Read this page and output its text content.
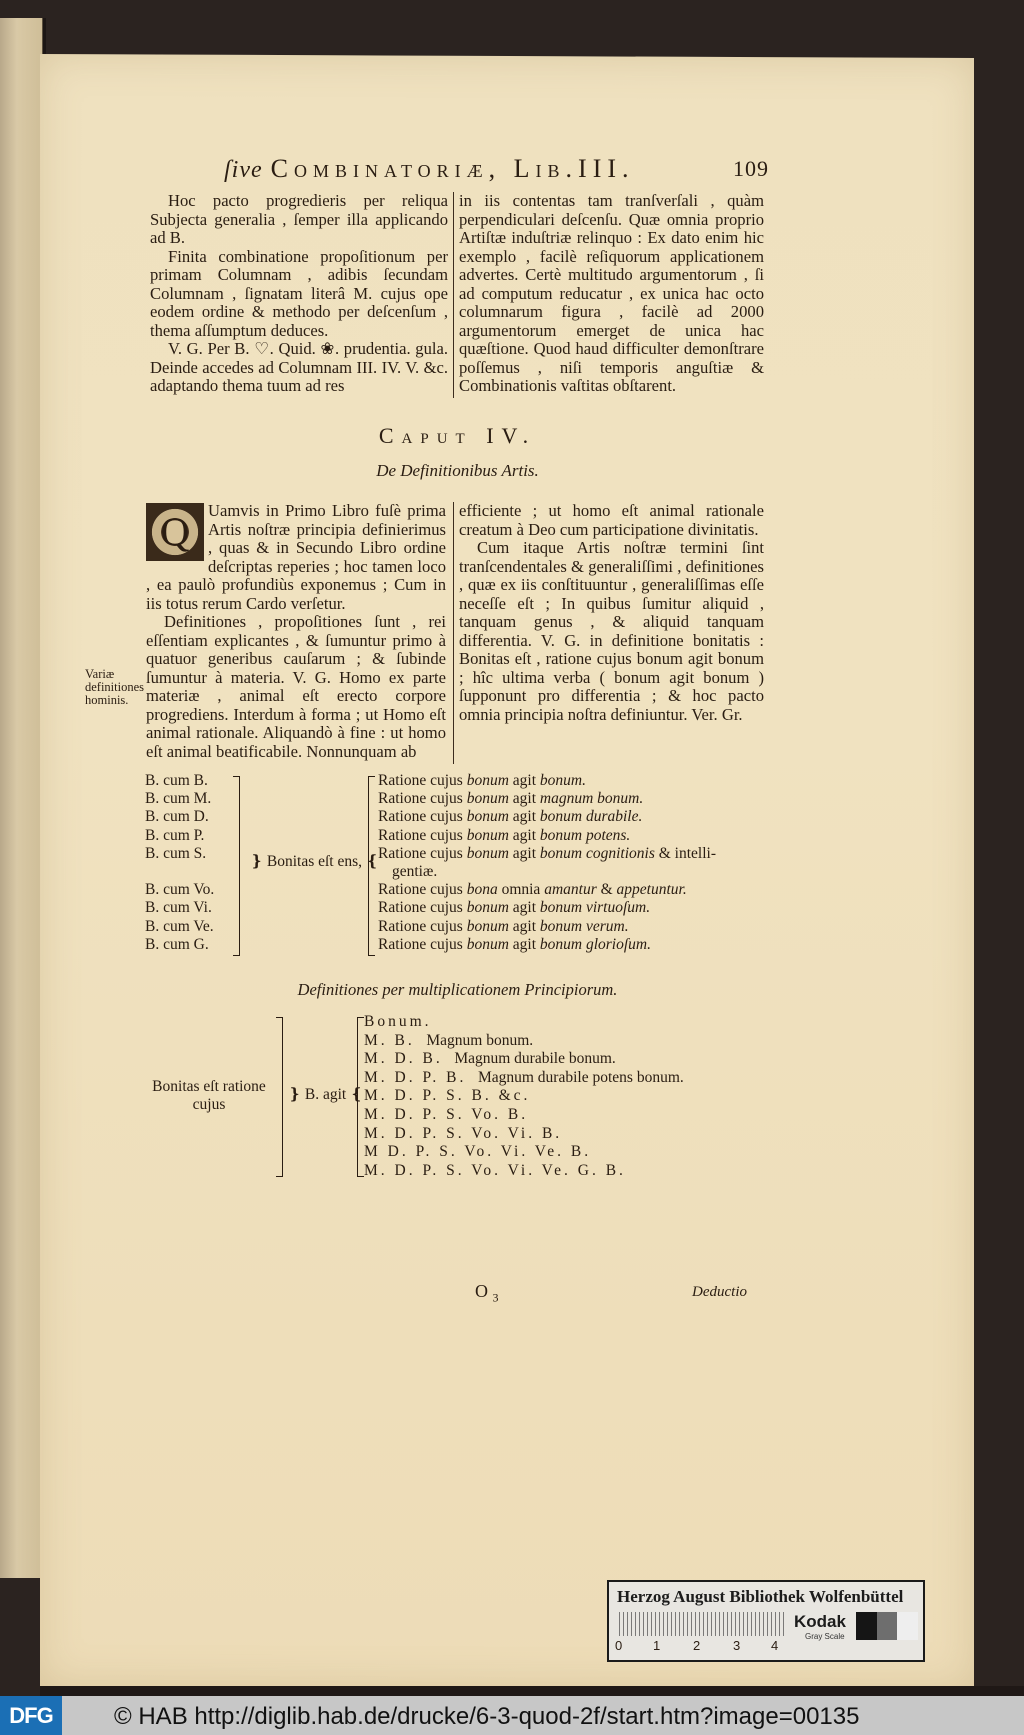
ſive Combinatoriæ, Lib.III.	109

Hoc pacto progredieris per reliqua Subjecta generalia , ſemper illa applicando ad B.

Finita combinatione propoſitionum per primam Columnam , adibis ſecundam Columnam , ſignatam literâ M. cujus ope eodem ordine & methodo per deſcenſum , thema aſſumptum deduces.

V. G. Per B. ♡. Quid. ❀. prudentia. gula. Deinde accedes ad Columnam III. IV. V. &c. adaptando thema tuum ad res

in iis contentas tam tranſverſali , quàm perpendiculari deſcenſu. Quæ omnia proprio Artiſtæ induſtriæ relinquo : Ex dato enim hic exemplo , facilè reſiquorum applicationem advertes. Certè multitudo argumentorum , ſi ad computum reducatur , ex unica hac octo columnarum figura , facilè ad 2000 argumentorum emerget de unica hac quæſtione. Quod haud difficulter demonſtrare poſſemus , niſi temporis anguſtiæ & Combinationis vaſtitas obſtarent.

Caput IV.
De Definitionibus Artis.
Variæ definitiones hominis.

Q	Uamvis in Primo Libro fuſè prima Artis noſtræ principia definierimus , quas & in Secundo Libro ordine deſcriptas reperies ; hoc tamen loco , ea paulò profundiùs exponemus ; Cum in iis totus rerum Cardo verſetur.

Definitiones , propoſitiones ſunt , rei eſſentiam explicantes , & ſumuntur primo à quatuor generibus cauſarum ; & ſubinde ſumuntur à materia. V. G. Homo ex parte materiæ , animal eſt erecto corpore progrediens. Interdum à forma ; ut Homo eſt animal rationale. Aliquandò à fine : ut homo eſt animal beatificabile. Nonnunquam ab

efficiente ; ut homo eſt animal rationale creatum à Deo cum participatione divinitatis.

Cum itaque Artis noſtræ termini ſint tranſcendentales & generaliſſimi , definitiones , quæ ex iis conſtituuntur , generaliſſimas eſſe neceſſe eſt ; In quibus ſumitur aliquid , tanquam genus , & aliquid tanquam differentia. V. G. in definitione bonitatis : Bonitas eſt , ratione cujus bonum agit bonum ; hîc ultima verba ( bonum agit bonum ) ſupponunt pro differentia ; & hoc pacto omnia principia noſtra definiuntur. Ver. Gr.

B. cum B.
B. cum M.
B. cum D.
B. cum P.
B. cum S.

B. cum Vo.
B. cum Vi.
B. cum Ve.
B. cum G.
❵ Bonitas eſt ens, ❴
Ratione cujus bonum agit bonum.
Ratione cujus bonum agit magnum bonum.
Ratione cujus bonum agit bonum durabile.
Ratione cujus bonum agit bonum potens.
Ratione cujus bonum agit bonum cognitionis & intelli-
gentiæ.
Ratione cujus bona omnia amantur & appetuntur.
Ratione cujus bonum agit bonum virtuoſum.
Ratione cujus bonum agit bonum verum.
Ratione cujus bonum agit bonum glorioſum.
Definitiones per multiplicationem Principiorum.
Bonitas eſt ratione cujus
❵ B. agit ❴
Bonum.
M. B. Magnum bonum.
M. D. B. Magnum durabile bonum.
M. D. P. B. Magnum durabile potens bonum.
M. D. P. S. B. &c.
M. D. P. S. Vo. B.
M. D. P. S. Vo. Vi. B.
M D. P. S. Vo. Vi. Ve. B.
M. D. P. S. Vo. Vi. Ve. G. B.
O $_3$	Deductio
Herzog August Bibliothek Wolfenbüttel
0 1	2	3 4
Kodak
Gray Scale
DFG	© HAB http://diglib.hab.de/drucke/6-3-quod-2f/start.htm?image=00135
